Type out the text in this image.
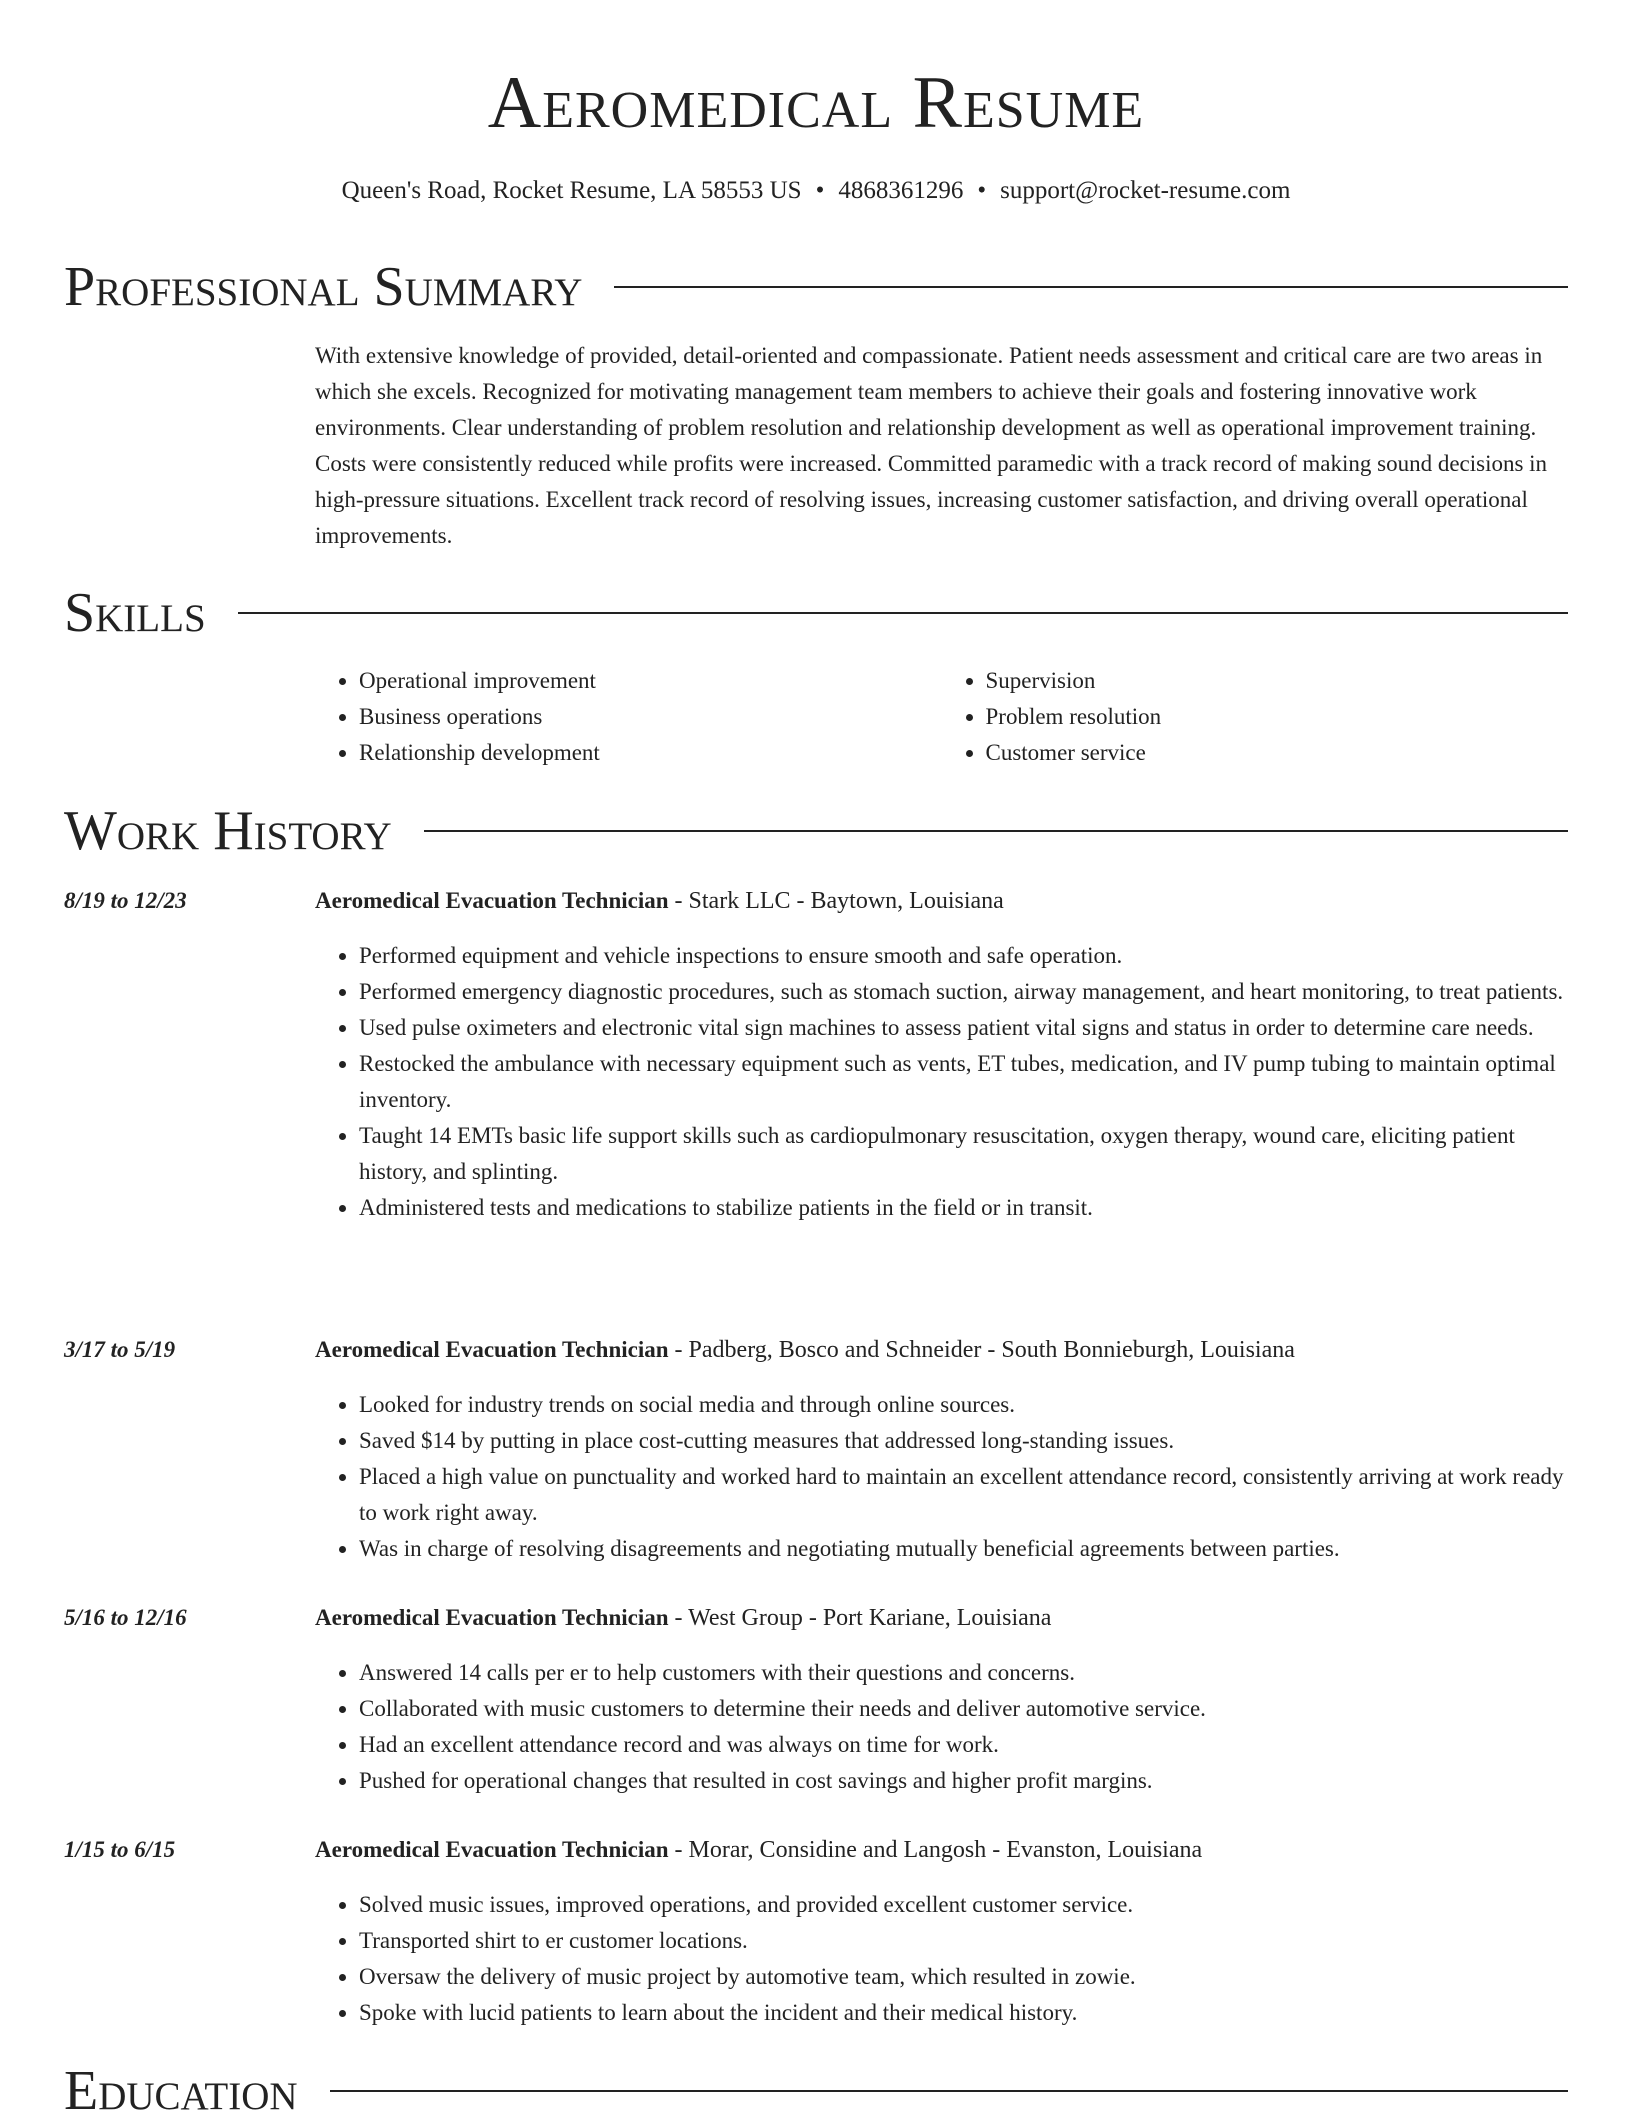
Aeromedical Resume
Queen's Road, Rocket Resume, LA 58553 US • 4868361296 • support@rocket-resume.com
Professional Summary
With extensive knowledge of provided, detail-oriented and compassionate. Patient needs assessment and critical care are two areas in which she excels. Recognized for motivating management team members to achieve their goals and fostering innovative work environments. Clear understanding of problem resolution and relationship development as well as operational improvement training. Costs were consistently reduced while profits were increased. Committed paramedic with a track record of making sound decisions in high-pressure situations. Excellent track record of resolving issues, increasing customer satisfaction, and driving overall operational improvements.
Skills
• Operational improvement
• Business operations
• Relationship development
• Supervision
• Problem resolution
• Customer service
Work History
8/19 to 12/23	Aeromedical Evacuation Technician - Stark LLC - Baytown, Louisiana
• Performed equipment and vehicle inspections to ensure smooth and safe operation.
• Performed emergency diagnostic procedures, such as stomach suction, airway management, and heart monitoring, to treat patients.
• Used pulse oximeters and electronic vital sign machines to assess patient vital signs and status in order to determine care needs.
• Restocked the ambulance with necessary equipment such as vents, ET tubes, medication, and IV pump tubing to maintain optimal inventory.
• Taught 14 EMTs basic life support skills such as cardiopulmonary resuscitation, oxygen therapy, wound care, eliciting patient history, and splinting.
• Administered tests and medications to stabilize patients in the field or in transit.
3/17 to 5/19	Aeromedical Evacuation Technician - Padberg, Bosco and Schneider - South Bonnieburgh, Louisiana
• Looked for industry trends on social media and through online sources.
• Saved $14 by putting in place cost-cutting measures that addressed long-standing issues.
• Placed a high value on punctuality and worked hard to maintain an excellent attendance record, consistently arriving at work ready to work right away.
• Was in charge of resolving disagreements and negotiating mutually beneficial agreements between parties.
5/16 to 12/16	Aeromedical Evacuation Technician - West Group - Port Kariane, Louisiana
• Answered 14 calls per er to help customers with their questions and concerns.
• Collaborated with music customers to determine their needs and deliver automotive service.
• Had an excellent attendance record and was always on time for work.
• Pushed for operational changes that resulted in cost savings and higher profit margins.
1/15 to 6/15	Aeromedical Evacuation Technician - Morar, Considine and Langosh - Evanston, Louisiana
• Solved music issues, improved operations, and provided excellent customer service.
• Transported shirt to er customer locations.
• Oversaw the delivery of music project by automotive team, which resulted in zowie.
• Spoke with lucid patients to learn about the incident and their medical history.
Education
